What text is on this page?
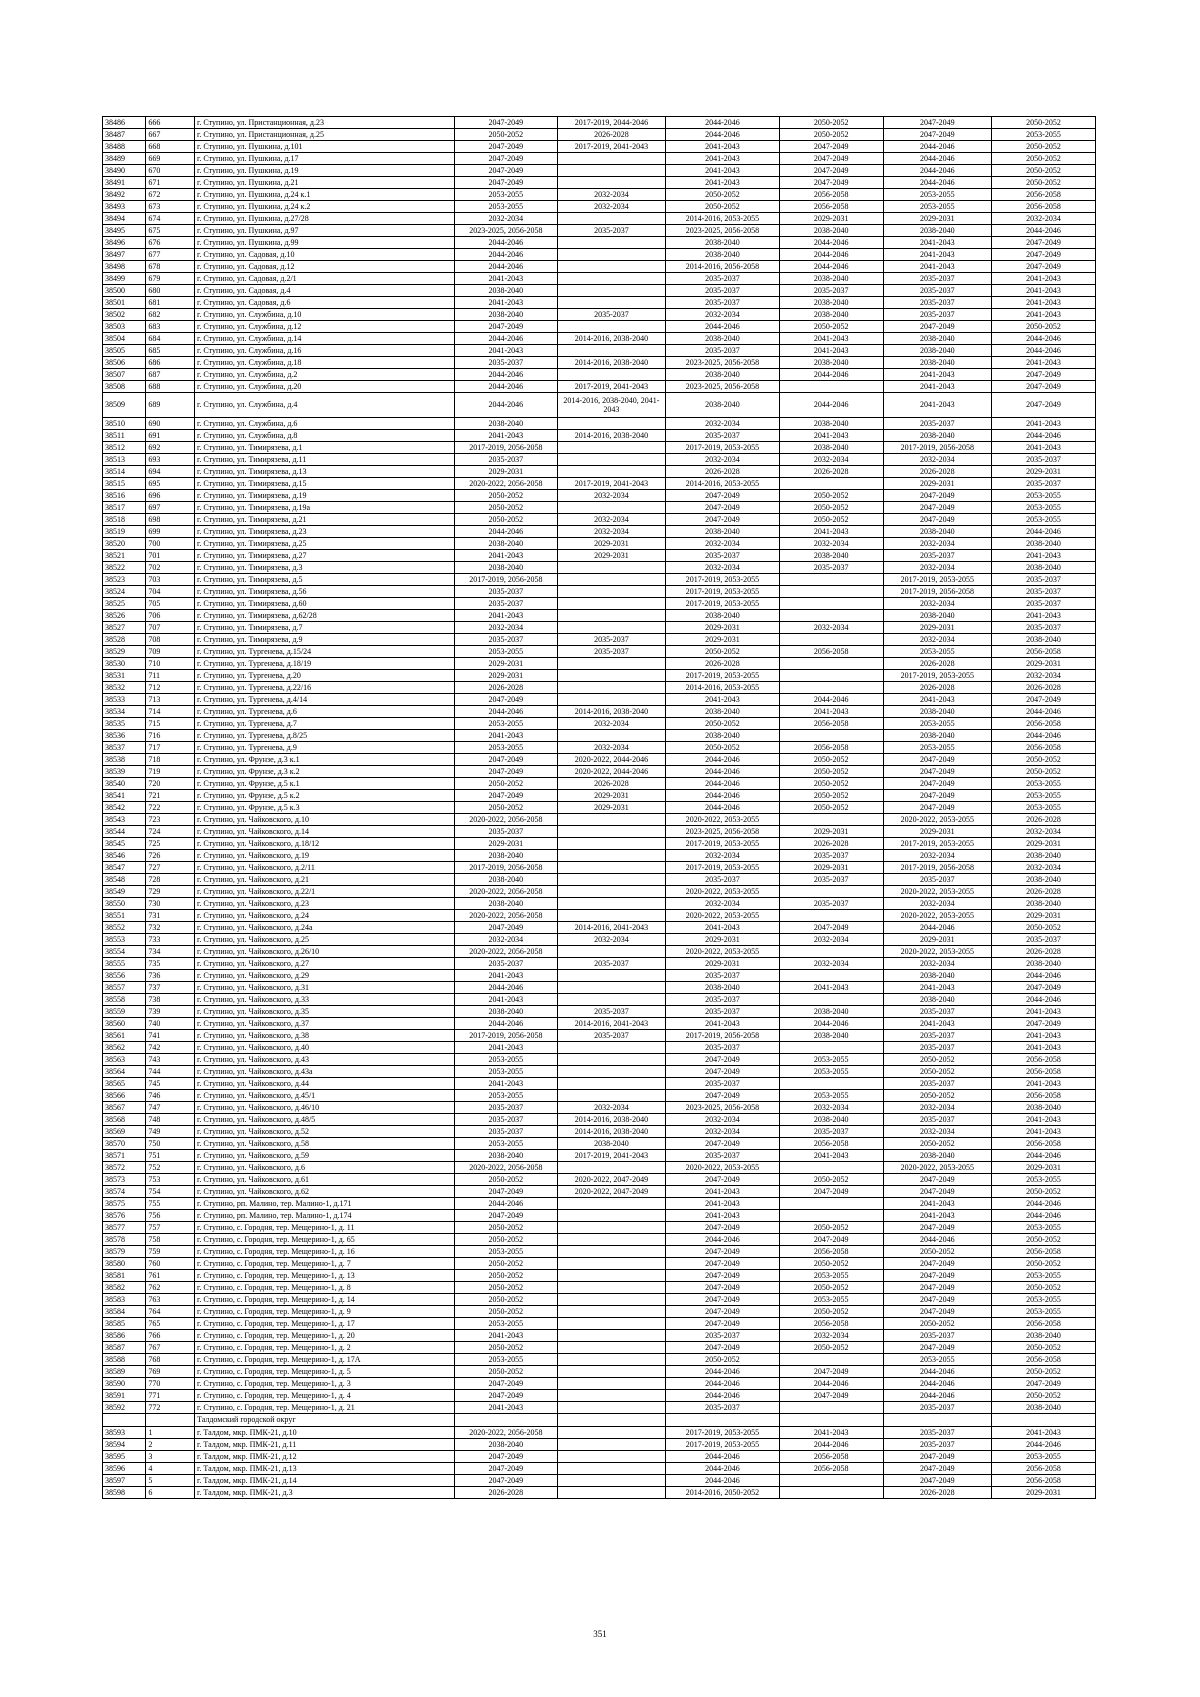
38486	666	г. Ступино, ул. Пристанционная, д.23	2047-2049	2017-2019, 2044-2046	2044-2046	2050-2052	2047-2049	2050-2052
38487	667	г. Ступино, ул. Пристанционная, д.25	2050-2052	2026-2028	2044-2046	2050-2052	2047-2049	2053-2055
38488	668	г. Ступино, ул. Пушкина, д.101	2047-2049	2017-2019, 2041-2043	2041-2043	2047-2049	2044-2046	2050-2052
38489	669	г. Ступино, ул. Пушкина, д.17	2047-2049		2041-2043	2047-2049	2044-2046	2050-2052
38490	670	г. Ступино, ул. Пушкина, д.19	2047-2049		2041-2043	2047-2049	2044-2046	2050-2052
38491	671	г. Ступино, ул. Пушкина, д.21	2047-2049		2041-2043	2047-2049	2044-2046	2050-2052
38492	672	г. Ступино, ул. Пушкина, д.24 к.1	2053-2055	2032-2034	2050-2052	2056-2058	2053-2055	2056-2058
38493	673	г. Ступино, ул. Пушкина, д.24 к.2	2053-2055	2032-2034	2050-2052	2056-2058	2053-2055	2056-2058
38494	674	г. Ступино, ул. Пушкина, д.27/28	2032-2034		2014-2016, 2053-2055	2029-2031	2029-2031	2032-2034
38495	675	г. Ступино, ул. Пушкина, д.97	2023-2025, 2056-2058	2035-2037	2023-2025, 2056-2058	2038-2040	2038-2040	2044-2046
38496	676	г. Ступино, ул. Пушкина, д.99	2044-2046		2038-2040	2044-2046	2041-2043	2047-2049
38497	677	г. Ступино, ул. Садовая, д.10	2044-2046		2038-2040	2044-2046	2041-2043	2047-2049
38498	678	г. Ступино, ул. Садовая, д.12	2044-2046		2014-2016, 2056-2058	2044-2046	2041-2043	2047-2049
38499	679	г. Ступино, ул. Садовая, д.2/1	2041-2043		2035-2037	2038-2040	2035-2037	2041-2043
38500	680	г. Ступино, ул. Садовая, д.4	2038-2040		2035-2037	2035-2037	2035-2037	2041-2043
38501	681	г. Ступино, ул. Садовая, д.6	2041-2043		2035-2037	2038-2040	2035-2037	2041-2043
38502	682	г. Ступино, ул. Службина, д.10	2038-2040	2035-2037	2032-2034	2038-2040	2035-2037	2041-2043
38503	683	г. Ступино, ул. Службина, д.12	2047-2049		2044-2046	2050-2052	2047-2049	2050-2052
38504	684	г. Ступино, ул. Службина, д.14	2044-2046	2014-2016, 2038-2040	2038-2040	2041-2043	2038-2040	2044-2046
38505	685	г. Ступино, ул. Службина, д.16	2041-2043		2035-2037	2041-2043	2038-2040	2044-2046
38506	686	г. Ступино, ул. Службина, д.18	2035-2037	2014-2016, 2038-2040	2023-2025, 2056-2058	2038-2040	2038-2040	2041-2043
38507	687	г. Ступино, ул. Службина, д.2	2044-2046		2038-2040	2044-2046	2041-2043	2047-2049
38508	688	г. Ступино, ул. Службина, д.20	2044-2046	2017-2019, 2041-2043	2023-2025, 2056-2058		2041-2043	2047-2049
38509	689	г. Ступино, ул. Службина, д.4	2044-2046	2014-2016, 2038-2040, 2041-2043	2038-2040	2044-2046	2041-2043	2047-2049
38510	690	г. Ступино, ул. Службина, д.6	2038-2040		2032-2034	2038-2040	2035-2037	2041-2043
38511	691	г. Ступино, ул. Службина, д.8	2041-2043	2014-2016, 2038-2040	2035-2037	2041-2043	2038-2040	2044-2046
38512	692	г. Ступино, ул. Тимирязева, д.1	2017-2019, 2056-2058		2017-2019, 2053-2055	2038-2040	2017-2019, 2056-2058	2041-2043
38513	693	г. Ступино, ул. Тимирязева, д.11	2035-2037		2032-2034	2032-2034	2032-2034	2035-2037
38514	694	г. Ступино, ул. Тимирязева, д.13	2029-2031		2026-2028	2026-2028	2026-2028	2029-2031
38515	695	г. Ступино, ул. Тимирязева, д.15	2020-2022, 2056-2058	2017-2019, 2041-2043	2014-2016, 2053-2055		2029-2031	2035-2037
38516	696	г. Ступино, ул. Тимирязева, д.19	2050-2052	2032-2034	2047-2049	2050-2052	2047-2049	2053-2055
38517	697	г. Ступино, ул. Тимирязева, д.19а	2050-2052		2047-2049	2050-2052	2047-2049	2053-2055
38518	698	г. Ступино, ул. Тимирязева, д.21	2050-2052	2032-2034	2047-2049	2050-2052	2047-2049	2053-2055
38519	699	г. Ступино, ул. Тимирязева, д.23	2044-2046	2032-2034	2038-2040	2041-2043	2038-2040	2044-2046
38520	700	г. Ступино, ул. Тимирязева, д.25	2038-2040	2029-2031	2032-2034	2032-2034	2032-2034	2038-2040
38521	701	г. Ступино, ул. Тимирязева, д.27	2041-2043	2029-2031	2035-2037	2038-2040	2035-2037	2041-2043
38522	702	г. Ступино, ул. Тимирязева, д.3	2038-2040		2032-2034	2035-2037	2032-2034	2038-2040
38523	703	г. Ступино, ул. Тимирязева, д.5	2017-2019, 2056-2058		2017-2019, 2053-2055		2017-2019, 2053-2055	2035-2037
38524	704	г. Ступино, ул. Тимирязева, д.56	2035-2037		2017-2019, 2053-2055		2017-2019, 2056-2058	2035-2037
38525	705	г. Ступино, ул. Тимирязева, д.60	2035-2037		2017-2019, 2053-2055		2032-2034	2035-2037
38526	706	г. Ступино, ул. Тимирязева, д.62/28	2041-2043		2038-2040		2038-2040	2041-2043
38527	707	г. Ступино, ул. Тимирязева, д.7	2032-2034		2029-2031	2032-2034	2029-2031	2035-2037
38528	708	г. Ступино, ул. Тимирязева, д.9	2035-2037	2035-2037	2029-2031		2032-2034	2038-2040
38529	709	г. Ступино, ул. Тургенева, д.15/24	2053-2055	2035-2037	2050-2052	2056-2058	2053-2055	2056-2058
38530	710	г. Ступино, ул. Тургенева, д.18/19	2029-2031		2026-2028		2026-2028	2029-2031
38531	711	г. Ступино, ул. Тургенева, д.20	2029-2031		2017-2019, 2053-2055		2017-2019, 2053-2055	2032-2034
38532	712	г. Ступино, ул. Тургенева, д.22/16	2026-2028		2014-2016, 2053-2055		2026-2028	2026-2028
38533	713	г. Ступино, ул. Тургенева, д.4/14	2047-2049		2041-2043	2044-2046	2041-2043	2047-2049
38534	714	г. Ступино, ул. Тургенева, д.6	2044-2046	2014-2016, 2038-2040	2038-2040	2041-2043	2038-2040	2044-2046
38535	715	г. Ступино, ул. Тургенева, д.7	2053-2055	2032-2034	2050-2052	2056-2058	2053-2055	2056-2058
38536	716	г. Ступино, ул. Тургенева, д.8/25	2041-2043		2038-2040		2038-2040	2044-2046
38537	717	г. Ступино, ул. Тургенева, д.9	2053-2055	2032-2034	2050-2052	2056-2058	2053-2055	2056-2058
38538	718	г. Ступино, ул. Фрунзе, д.3 к.1	2047-2049	2020-2022, 2044-2046	2044-2046	2050-2052	2047-2049	2050-2052
38539	719	г. Ступино, ул. Фрунзе, д.3 к.2	2047-2049	2020-2022, 2044-2046	2044-2046	2050-2052	2047-2049	2050-2052
38540	720	г. Ступино, ул. Фрунзе, д.5 к.1	2050-2052	2026-2028	2044-2046	2050-2052	2047-2049	2053-2055
38541	721	г. Ступино, ул. Фрунзе, д.5 к.2	2047-2049	2029-2031	2044-2046	2050-2052	2047-2049	2053-2055
38542	722	г. Ступино, ул. Фрунзе, д.5 к.3	2050-2052	2029-2031	2044-2046	2050-2052	2047-2049	2053-2055
38543	723	г. Ступино, ул. Чайковского, д.10	2020-2022, 2056-2058		2020-2022, 2053-2055		2020-2022, 2053-2055	2026-2028
38544	724	г. Ступино, ул. Чайковского, д.14	2035-2037		2023-2025, 2056-2058	2029-2031	2029-2031	2032-2034
38545	725	г. Ступино, ул. Чайковского, д.18/12	2029-2031		2017-2019, 2053-2055	2026-2028	2017-2019, 2053-2055	2029-2031
38546	726	г. Ступино, ул. Чайковского, д.19	2038-2040		2032-2034	2035-2037	2032-2034	2038-2040
38547	727	г. Ступино, ул. Чайковского, д.2/11	2017-2019, 2056-2058		2017-2019, 2053-2055	2029-2031	2017-2019, 2056-2058	2032-2034
38548	728	г. Ступино, ул. Чайковского, д.21	2038-2040		2035-2037	2035-2037	2035-2037	2038-2040
38549	729	г. Ступино, ул. Чайковского, д.22/1	2020-2022, 2056-2058		2020-2022, 2053-2055		2020-2022, 2053-2055	2026-2028
38550	730	г. Ступино, ул. Чайковского, д.23	2038-2040		2032-2034	2035-2037	2032-2034	2038-2040
38551	731	г. Ступино, ул. Чайковского, д.24	2020-2022, 2056-2058		2020-2022, 2053-2055		2020-2022, 2053-2055	2029-2031
38552	732	г. Ступино, ул. Чайковского, д.24а	2047-2049	2014-2016, 2041-2043	2041-2043	2047-2049	2044-2046	2050-2052
38553	733	г. Ступино, ул. Чайковского, д.25	2032-2034	2032-2034	2029-2031	2032-2034	2029-2031	2035-2037
38554	734	г. Ступино, ул. Чайковского, д.26/10	2020-2022, 2056-2058		2020-2022, 2053-2055		2020-2022, 2053-2055	2026-2028
38555	735	г. Ступино, ул. Чайковского, д.27	2035-2037	2035-2037	2029-2031	2032-2034	2032-2034	2038-2040
38556	736	г. Ступино, ул. Чайковского, д.29	2041-2043		2035-2037		2038-2040	2044-2046
38557	737	г. Ступино, ул. Чайковского, д.31	2044-2046		2038-2040	2041-2043	2041-2043	2047-2049
38558	738	г. Ступино, ул. Чайковского, д.33	2041-2043		2035-2037		2038-2040	2044-2046
38559	739	г. Ступино, ул. Чайковского, д.35	2038-2040	2035-2037	2035-2037	2038-2040	2035-2037	2041-2043
38560	740	г. Ступино, ул. Чайковского, д.37	2044-2046	2014-2016, 2041-2043	2041-2043	2044-2046	2041-2043	2047-2049
38561	741	г. Ступино, ул. Чайковского, д.38	2017-2019, 2056-2058	2035-2037	2017-2019, 2056-2058	2038-2040	2035-2037	2041-2043
38562	742	г. Ступино, ул. Чайковского, д.40	2041-2043		2035-2037		2035-2037	2041-2043
38563	743	г. Ступино, ул. Чайковского, д.43	2053-2055		2047-2049	2053-2055	2050-2052	2056-2058
38564	744	г. Ступино, ул. Чайковского, д.43а	2053-2055		2047-2049	2053-2055	2050-2052	2056-2058
38565	745	г. Ступино, ул. Чайковского, д.44	2041-2043		2035-2037		2035-2037	2041-2043
38566	746	г. Ступино, ул. Чайковского, д.45/1	2053-2055		2047-2049	2053-2055	2050-2052	2056-2058
38567	747	г. Ступино, ул. Чайковского, д.46/10	2035-2037	2032-2034	2023-2025, 2056-2058	2032-2034	2032-2034	2038-2040
38568	748	г. Ступино, ул. Чайковского, д.48/5	2035-2037	2014-2016, 2038-2040	2032-2034	2038-2040	2035-2037	2041-2043
38569	749	г. Ступино, ул. Чайковского, д.52	2035-2037	2014-2016, 2038-2040	2032-2034	2035-2037	2032-2034	2041-2043
38570	750	г. Ступино, ул. Чайковского, д.58	2053-2055	2038-2040	2047-2049	2056-2058	2050-2052	2056-2058
38571	751	г. Ступино, ул. Чайковского, д.59	2038-2040	2017-2019, 2041-2043	2035-2037	2041-2043	2038-2040	2044-2046
38572	752	г. Ступино, ул. Чайковского, д.6	2020-2022, 2056-2058		2020-2022, 2053-2055		2020-2022, 2053-2055	2029-2031
38573	753	г. Ступино, ул. Чайковского, д.61	2050-2052	2020-2022, 2047-2049	2047-2049	2050-2052	2047-2049	2053-2055
38574	754	г. Ступино, ул. Чайковского, д.62	2047-2049	2020-2022, 2047-2049	2041-2043	2047-2049	2047-2049	2050-2052
38575	755	г. Ступино, рп. Малино, тер. Малино-1, д.171	2044-2046		2041-2043		2041-2043	2044-2046
38576	756	г. Ступино, рп. Малино, тер. Малино-1, д.174	2047-2049		2041-2043		2041-2043	2044-2046
38577	757	г. Ступино, с. Городня, тер. Мещерино-1, д. 11	2050-2052		2047-2049	2050-2052	2047-2049	2053-2055
38578	758	г. Ступино, с. Городня, тер. Мещерино-1, д. 65	2050-2052		2044-2046	2047-2049	2044-2046	2050-2052
38579	759	г. Ступино, с. Городня, тер. Мещерино-1, д. 16	2053-2055		2047-2049	2056-2058	2050-2052	2056-2058
38580	760	г. Ступино, с. Городня, тер. Мещерино-1, д. 7	2050-2052		2047-2049	2050-2052	2047-2049	2050-2052
38581	761	г. Ступино, с. Городня, тер. Мещерино-1, д. 13	2050-2052		2047-2049	2053-2055	2047-2049	2053-2055
38582	762	г. Ступино, с. Городня, тер. Мещерино-1, д. 8	2050-2052		2047-2049	2050-2052	2047-2049	2050-2052
38583	763	г. Ступино, с. Городня, тер. Мещерино-1, д. 14	2050-2052		2047-2049	2053-2055	2047-2049	2053-2055
38584	764	г. Ступино, с. Городня, тер. Мещерино-1, д. 9	2050-2052		2047-2049	2050-2052	2047-2049	2053-2055
38585	765	г. Ступино, с. Городня, тер. Мещерино-1, д. 17	2053-2055		2047-2049	2056-2058	2050-2052	2056-2058
38586	766	г. Ступино, с. Городня, тер. Мещерино-1, д. 20	2041-2043		2035-2037	2032-2034	2035-2037	2038-2040
38587	767	г. Ступино, с. Городня, тер. Мещерино-1, д. 2	2050-2052		2047-2049	2050-2052	2047-2049	2050-2052
38588	768	г. Ступино, с. Городня, тер. Мещерино-1, д. 17А	2053-2055		2050-2052		2053-2055	2056-2058
38589	769	г. Ступино, с. Городня, тер. Мещерино-1, д. 5	2050-2052		2044-2046	2047-2049	2044-2046	2050-2052
38590	770	г. Ступино, с. Городня, тер. Мещерино-1, д. 3	2047-2049		2044-2046	2044-2046	2044-2046	2047-2049
38591	771	г. Ступино, с. Городня, тер. Мещерино-1, д. 4	2047-2049		2044-2046	2047-2049	2044-2046	2050-2052
38592	772	г. Ступино, с. Городня, тер. Мещерино-1, д. 21	2041-2043		2035-2037		2035-2037	2038-2040
		Талдомский городской округ						
38593	1	г. Талдом, мкр. ПМК-21, д.10	2020-2022, 2056-2058		2017-2019, 2053-2055	2041-2043	2035-2037	2041-2043
38594	2	г. Талдом, мкр. ПМК-21, д.11	2038-2040		2017-2019, 2053-2055	2044-2046	2035-2037	2044-2046
38595	3	г. Талдом, мкр. ПМК-21, д.12	2047-2049		2044-2046	2056-2058	2047-2049	2053-2055
38596	4	г. Талдом, мкр. ПМК-21, д.13	2047-2049		2044-2046	2056-2058	2047-2049	2056-2058
38597	5	г. Талдом, мкр. ПМК-21, д.14	2047-2049		2044-2046		2047-2049	2056-2058
38598	6	г. Талдом, мкр. ПМК-21, д.3	2026-2028		2014-2016, 2050-2052		2026-2028	2029-2031
351
